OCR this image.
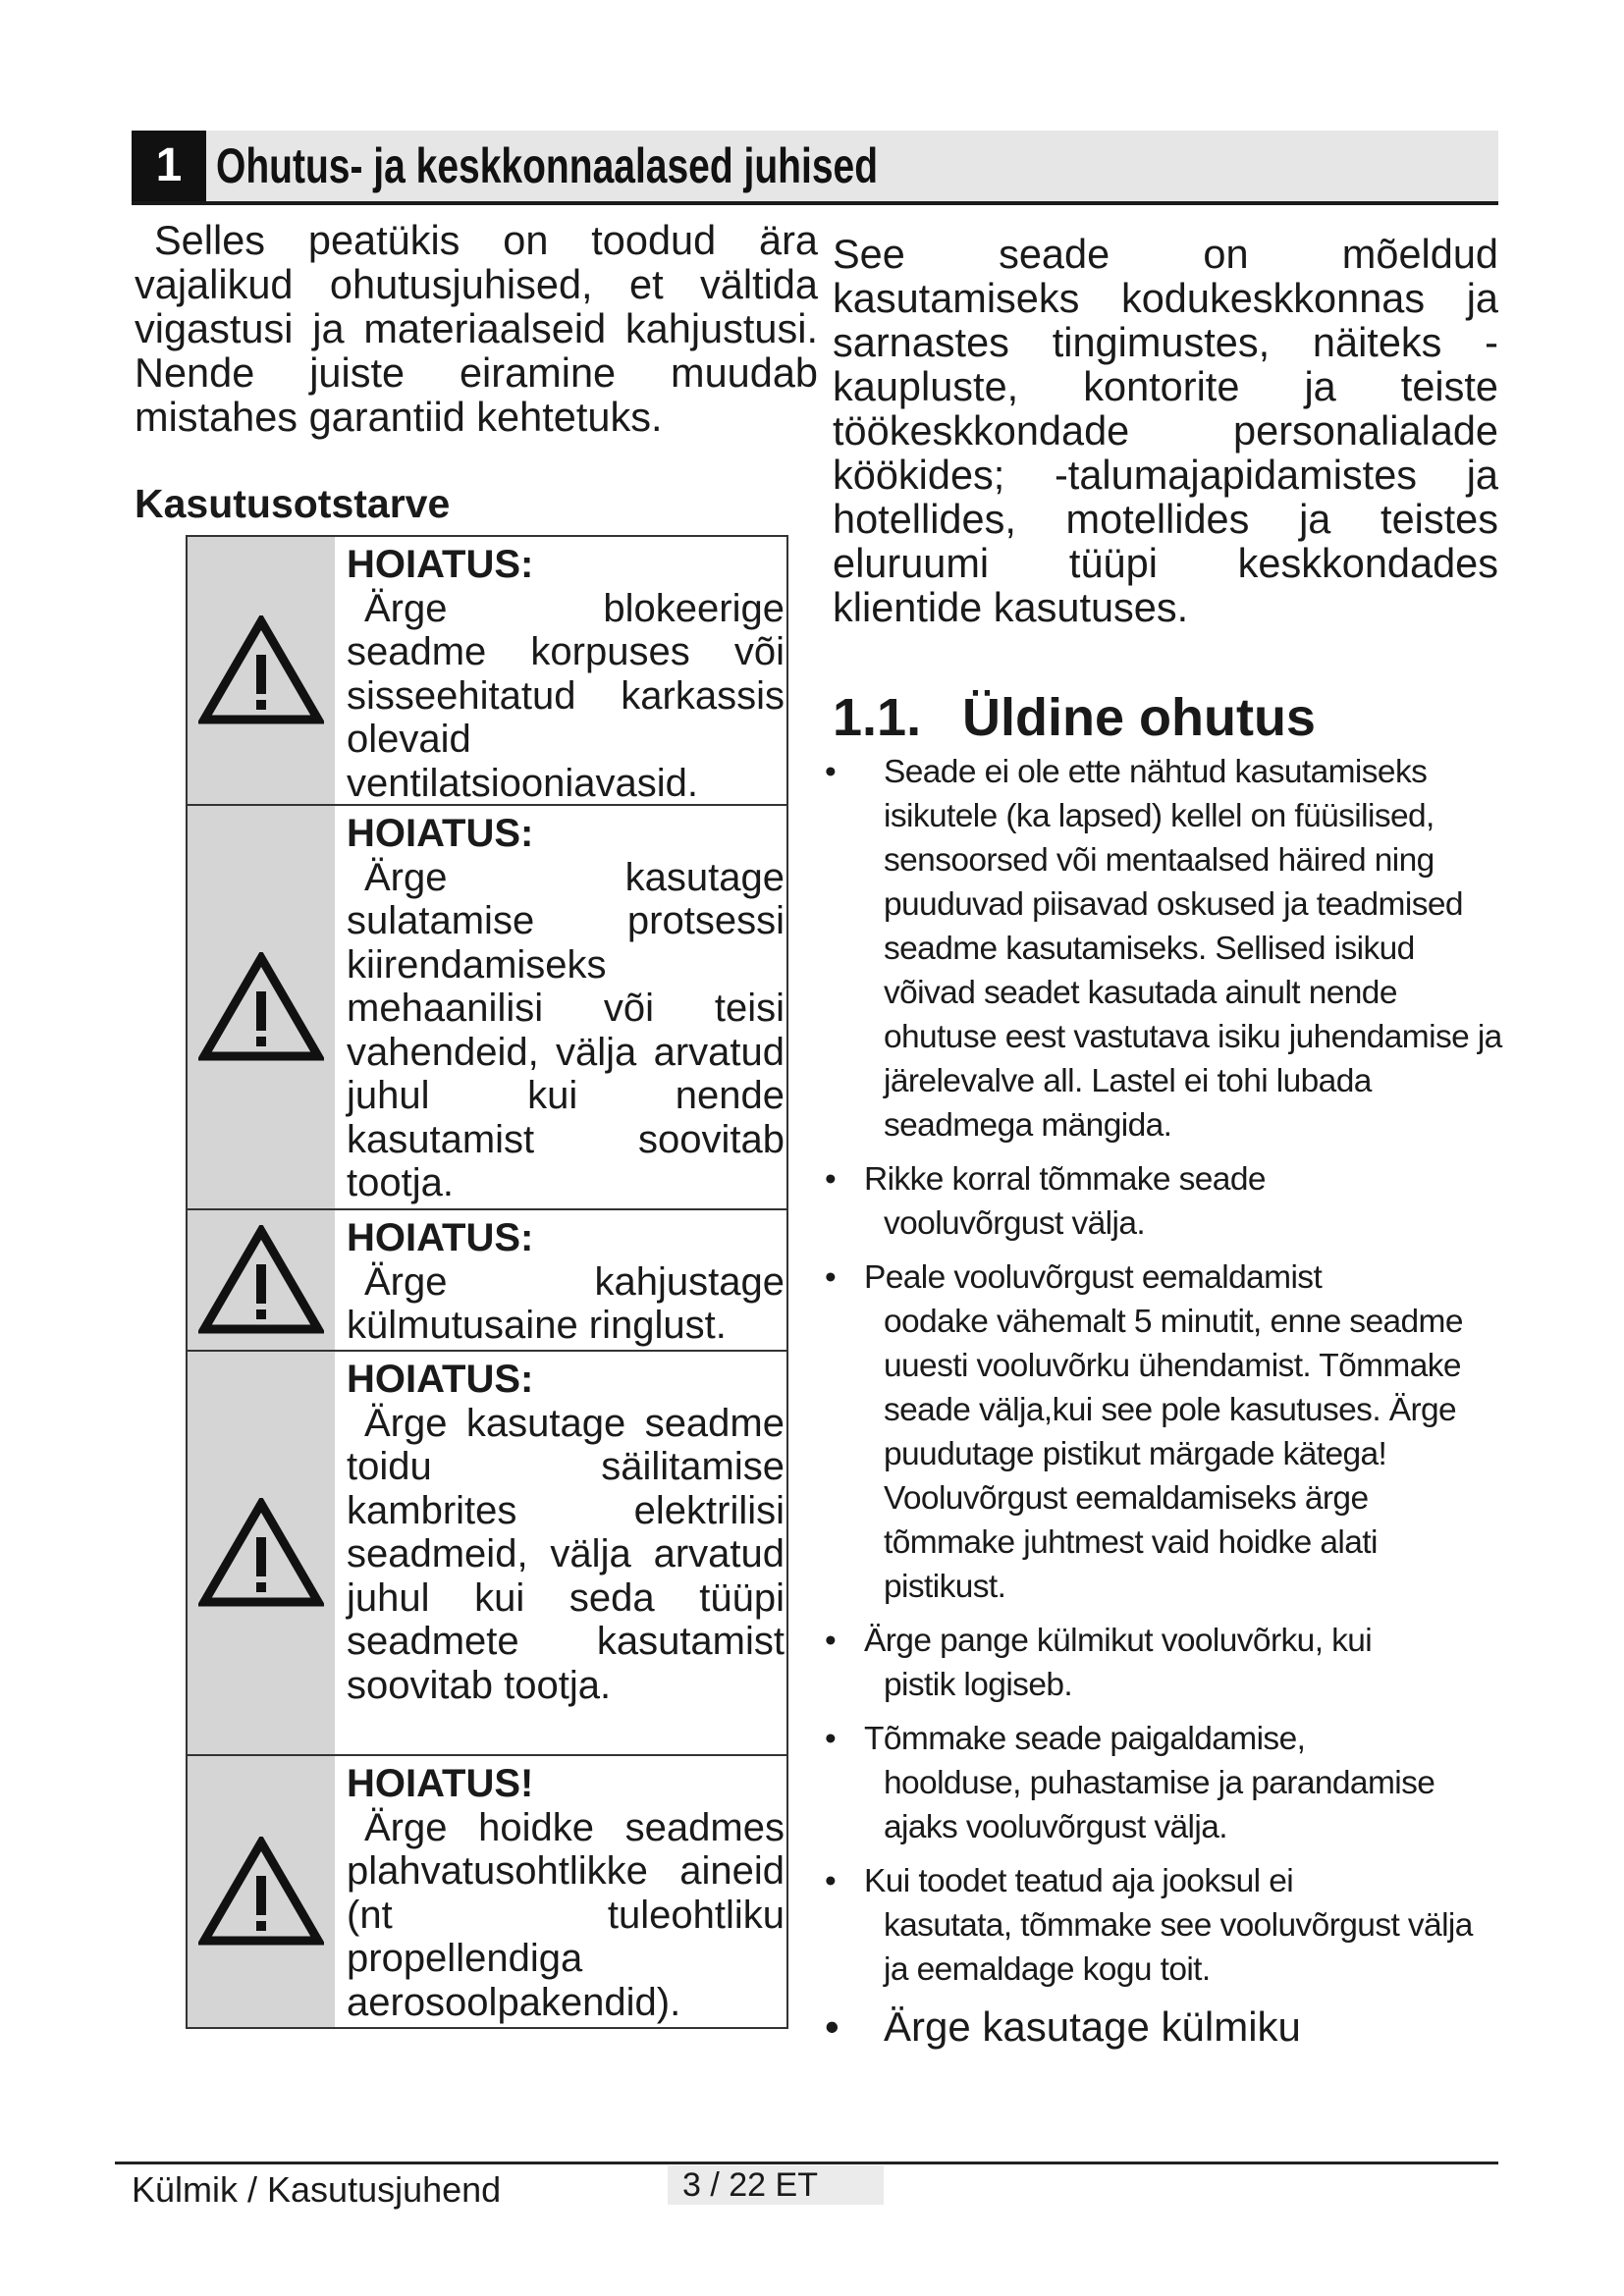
1 Ohutus- ja keskkonnaalased juhised

Selles peatükis on toodud ära vajalikud ohutusjuhised, et vältida vigastusi ja materiaalseid kahjustusi. Nende juiste eiramine muudab mistahes garantiid kehtetuks.

Kasutusotstarve

HOIATUS:
Ärge blokeerige seadme korpuses või sisseehitatud karkassis olevaid ventilatsiooniavasid.
HOIATUS:
Ärge kasutage sulatamise protsessi kiirendamiseks mehaanilisi või teisi vahendeid, välja arvatud juhul kui nende kasutamist soovitab tootja.
HOIATUS:
Ärge kahjustage külmutusaine ringlust.
HOIATUS:
Ärge kasutage seadme toidu säilitamise kambrites elektrilisi seadmeid, välja arvatud juhul kui seda tüüpi seadmete kasutamist soovitab tootja.
HOIATUS!
Ärge hoidke seadmes plahvatusohtlikke aineid (nt tuleohtliku propellendiga aerosoolpakendid).

See seade on mõeldud kasutamiseks kodukeskkonnas ja sarnastes tingimustes, näiteks - kaupluste, kontorite ja teiste töökeskkondade personalialade köökides; -talumajapidamistes ja hotellides, motellides ja teistes eluruumi tüüpi keskkondades klientide kasutuses.

1.1. Üldine ohutus
•	Seade ei ole ette nähtud kasutamiseks isikutele (ka lapsed) kellel on füüsilised, sensoorsed või mentaalsed häired ning puuduvad piisavad oskused ja teadmised seadme kasutamiseks. Sellised isikud võivad seadet kasutada ainult nende ohutuse eest vastutava isiku juhendamise ja järelevalve all. Lastel ei tohi lubada seadmega mängida.
• Rikke korral tõmmake seade
vooluvõrgust välja.
• Peale vooluvõrgust eemaldamist
oodake vähemalt 5 minutit, enne seadme uuesti vooluvõrku ühendamist. Tõmmake seade välja,kui see pole kasutuses. Ärge puudutage pistikut märgade kätega! Vooluvõrgust eemaldamiseks ärge tõmmake juhtmest vaid hoidke alati pistikust.
• Ärge pange külmikut vooluvõrku, kui
pistik logiseb.
• Tõmmake seade paigaldamise,
hoolduse, puhastamise ja parandamise ajaks vooluvõrgust välja.
• Kui toodet teatud aja jooksul ei
kasutata, tõmmake see vooluvõrgust välja ja eemaldage kogu toit.
•	Ärge kasutage külmiku
Külmik / Kasutusjuhend	3 / 22 ET
